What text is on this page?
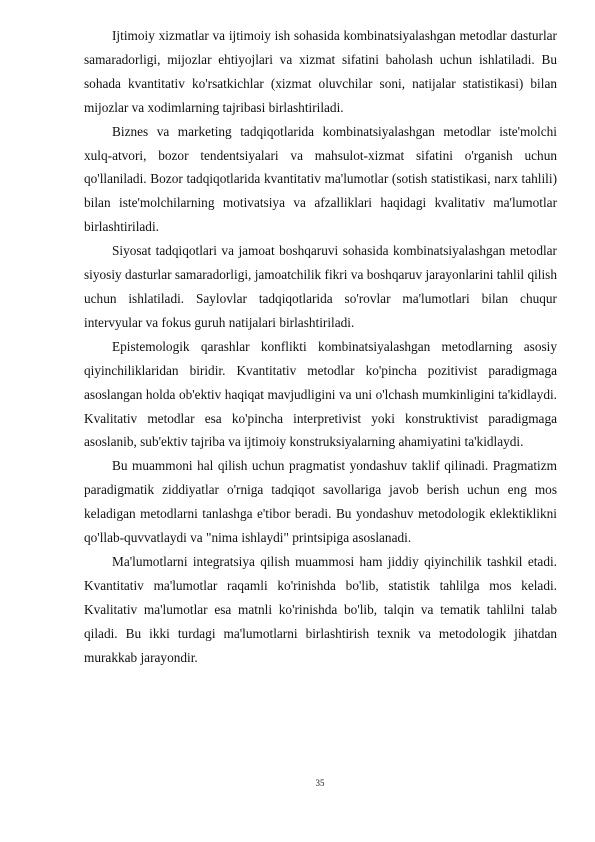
Ijtimoiy xizmatlar va ijtimoiy ish sohasida kombinatsiyalashgan metodlar dasturlar samaradorligi, mijozlar ehtiyojlari va xizmat sifatini baholash uchun ishlatiladi. Bu sohada kvantitativ ko'rsatkichlar (xizmat oluvchilar soni, natijalar statistikasi) bilan mijozlar va xodimlarning tajribasi birlashtiriladi.

Biznes va marketing tadqiqotlarida kombinatsiyalashgan metodlar iste'molchi xulq-atvori, bozor tendentsiyalari va mahsulot-xizmat sifatini o'rganish uchun qo'llaniladi. Bozor tadqiqotlarida kvantitativ ma'lumotlar (sotish statistikasi, narx tahlili) bilan iste'molchilarning motivatsiya va afzalliklari haqidagi kvalitativ ma'lumotlar birlashtiriladi.

Siyosat tadqiqotlari va jamoat boshqaruvi sohasida kombinatsiyalashgan metodlar siyosiy dasturlar samaradorligi, jamoatchilik fikri va boshqaruv jarayonlarini tahlil qilish uchun ishlatiladi. Saylovlar tadqiqotlarida so'rovlar ma'lumotlari bilan chuqur intervyular va fokus guruh natijalari birlashtiriladi.

Epistemologik qarashlar konflikti kombinatsiyalashgan metodlarning asosiy qiyinchiliklaridan biridir. Kvantitativ metodlar ko'pincha pozitivist paradigmaga asoslangan holda ob'ektiv haqiqat mavjudligini va uni o'lchash mumkinligini ta'kidlaydi. Kvalitativ metodlar esa ko'pincha interpretivist yoki konstruktivist paradigmaga asoslanib, sub'ektiv tajriba va ijtimoiy konstruksiyalarning ahamiyatini ta'kidlaydi.

Bu muammoni hal qilish uchun pragmatist yondashuv taklif qilinadi. Pragmatizm paradigmatik ziddiyatlar o'rniga tadqiqot savollariga javob berish uchun eng mos keladigan metodlarni tanlashga e'tibor beradi. Bu yondashuv metodologik eklektiklikni qo'llab-quvvatlaydi va "nima ishlaydi" printsipiga asoslanadi.

Ma'lumotlarni integratsiya qilish muammosi ham jiddiy qiyinchilik tashkil etadi. Kvantitativ ma'lumotlar raqamli ko'rinishda bo'lib, statistik tahlilga mos keladi. Kvalitativ ma'lumotlar esa matnli ko'rinishda bo'lib, talqin va tematik tahlilni talab qiladi. Bu ikki turdagi ma'lumotlarni birlashtirish texnik va metodologik jihatdan murakkab jarayondir.

35
